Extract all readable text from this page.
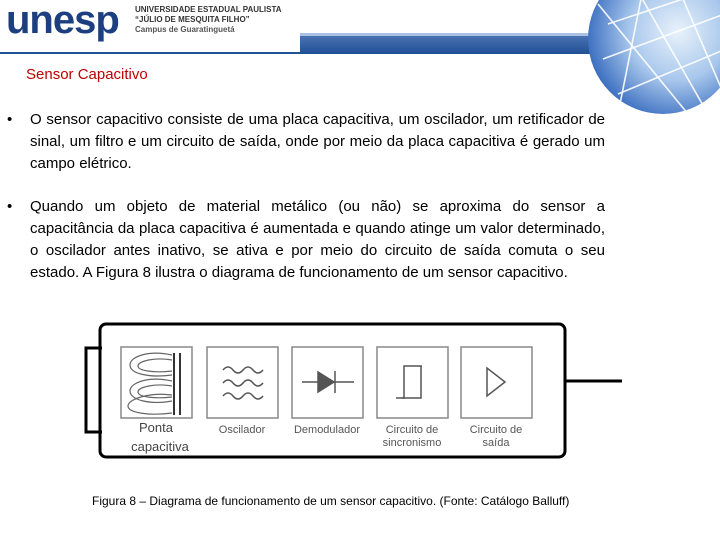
unesp UNIVERSIDADE ESTADUAL PAULISTA
“JÚLIO DE MESQUITA FILHO”
Campus de Guaratinguetá
Sensor Capacitivo
• O sensor capacitivo consiste de uma placa capacitiva, um oscilador, um retificador de sinal, um filtro e um circuito de saída, onde por meio da placa capacitiva é gerado um campo elétrico.
• Quando um objeto de material metálico (ou não) se aproxima do sensor a capacitância da placa capacitiva é aumentada e quando atinge um valor determinado, o oscilador antes inativo, se ativa e por meio do circuito de saída comuta o seu estado. A Figura 8 ilustra o diagrama de funcionamento de um sensor capacitivo.
Ponta
capacitiva
Oscilador	Demodulador Circuito de
sincronismo
Circuito de
saída
Figura 8 – Diagrama de funcionamento de um sensor capacitivo. (Fonte: Catálogo Balluff)
